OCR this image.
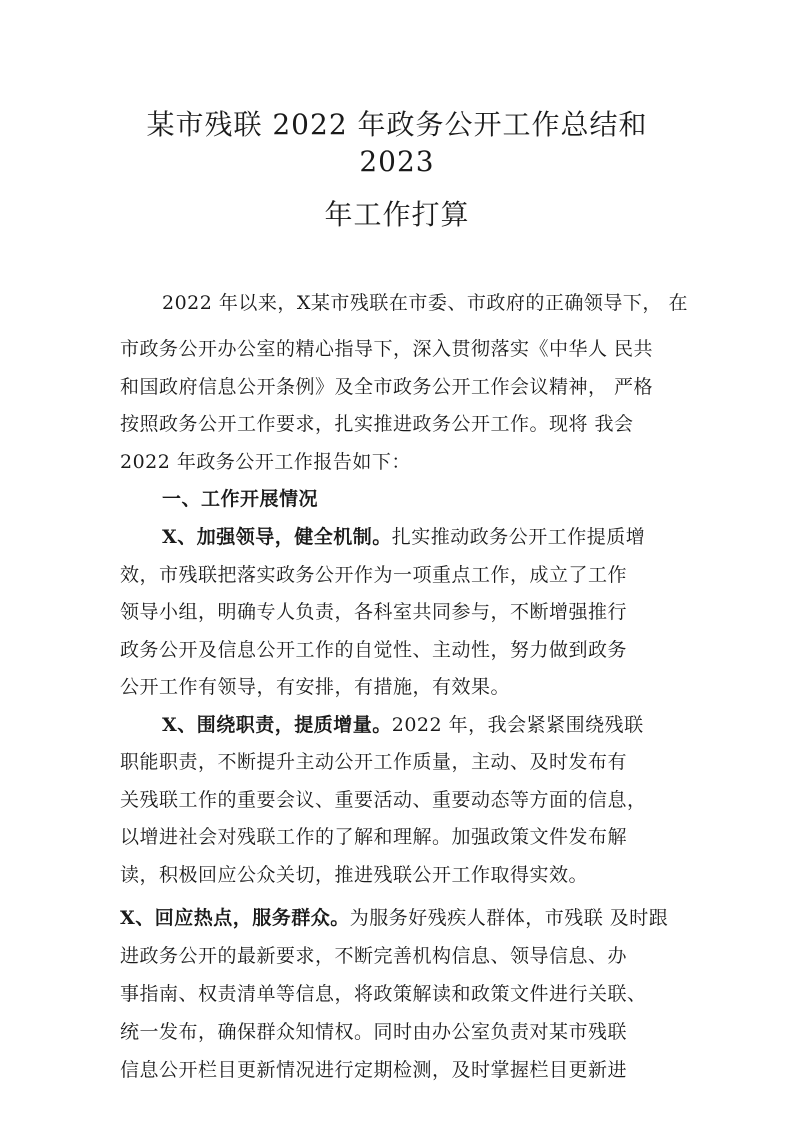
某市残联 2022 年政务公开工作总结和
2023
年工作打算
2022 年以来，X某市残联在市委、市政府的正确领导下， 在
市政务公开办公室的精心指导下，深入贯彻落实《中华人 民共
和国政府信息公开条例》及全市政务公开工作会议精神， 严格
按照政务公开工作要求，扎实推进政务公开工作。现将 我会
2022 年政务公开工作报告如下：
一、工作开展情况
X、加强领导，健全机制。扎实推动政务公开工作提质增
效，市残联把落实政务公开作为一项重点工作，成立了工作
领导小组，明确专人负责，各科室共同参与，不断增强推行
政务公开及信息公开工作的自觉性、主动性，努力做到政务
公开工作有领导，有安排，有措施，有效果。
X、围绕职责，提质增量。2022 年，我会紧紧围绕残联
职能职责，不断提升主动公开工作质量，主动、及时发布有
关残联工作的重要会议、重要活动、重要动态等方面的信息，
以增进社会对残联工作的了解和理解。加强政策文件发布解
读，积极回应公众关切，推进残联公开工作取得实效。
X、回应热点，服务群众。为服务好残疾人群体，市残联 及时跟
进政务公开的最新要求，不断完善机构信息、领导信息、办
事指南、权责清单等信息，将政策解读和政策文件进行关联、
统一发布，确保群众知情权。同时由办公室负责对某市残联
信息公开栏目更新情况进行定期检测，及时掌握栏目更新进
